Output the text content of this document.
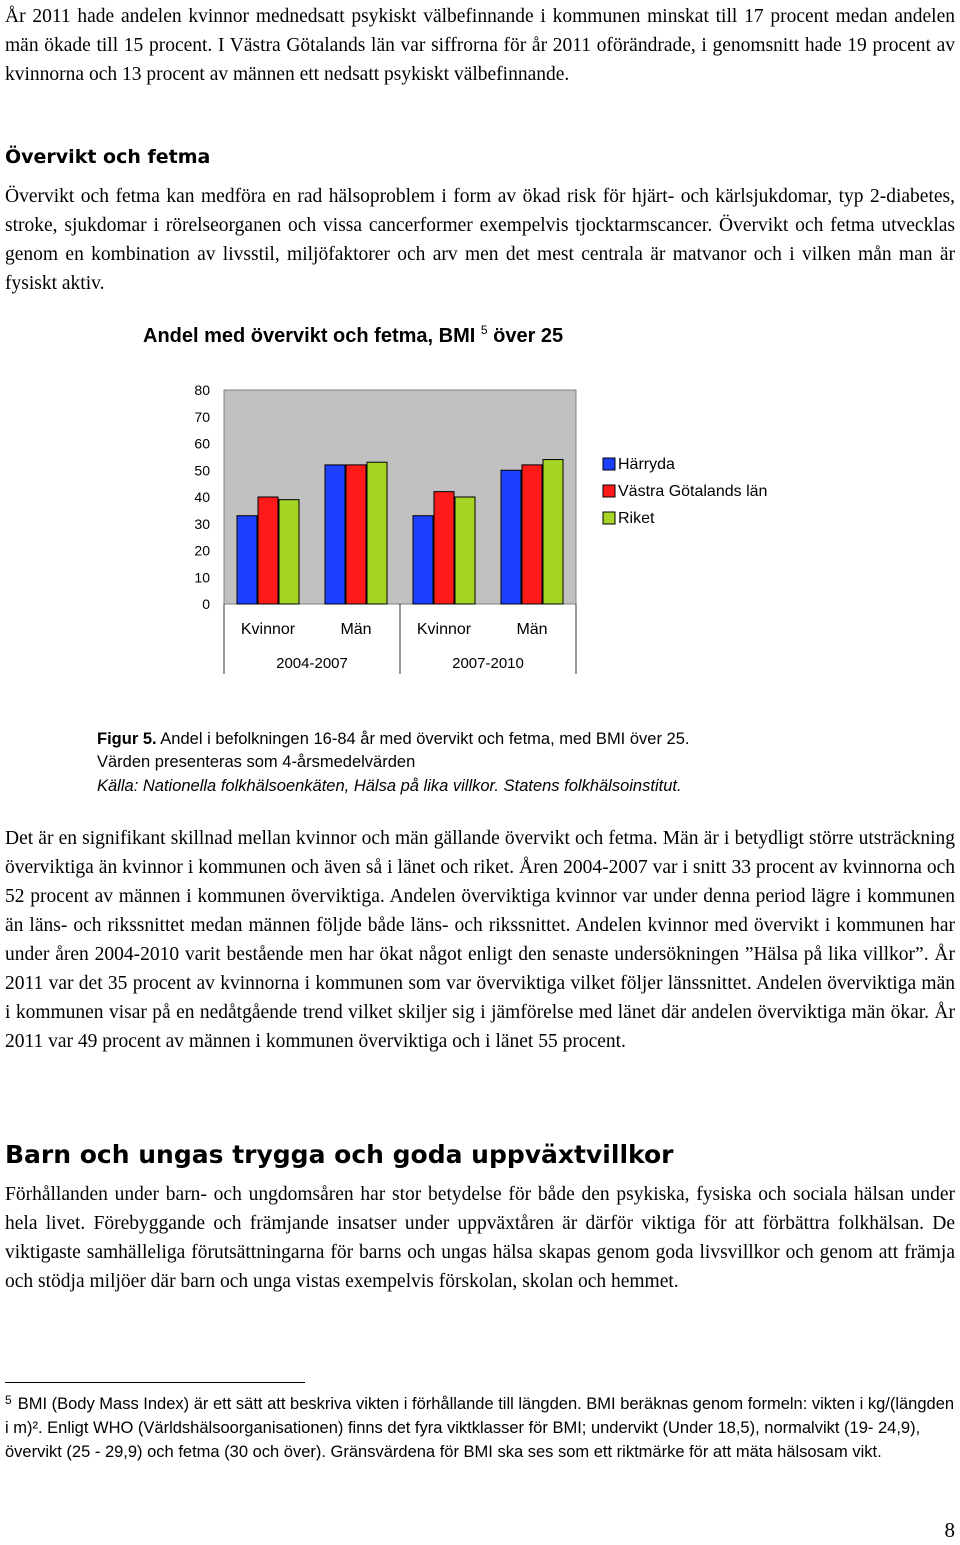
År 2011 hade andelen kvinnor mednedsatt psykiskt välbefinnande i kommunen minskat till 17 procent medan andelen män ökade till 15 procent. I Västra Götalands län var siffrorna för år 2011 oförändrade, i genomsnitt hade 19 procent av kvinnorna och 13 procent av männen ett nedsatt psykiskt välbefinnande.

Övervikt och fetma

Övervikt och fetma kan medföra en rad hälsoproblem i form av ökad risk för hjärt- och kärlsjukdomar, typ 2-diabetes, stroke, sjukdomar i rörelseorganen och vissa cancerformer exempelvis tjocktarmscancer. Övervikt och fetma utvecklas genom en kombination av livsstil, miljöfaktorer och arv men det mest centrala är matvanor och i vilken mån man är fysiskt aktiv.

Andel med övervikt och fetma, BMI $^5$ över 25

0
10
20
30
40
50
60
70
80
Kvinnor	Män	Kvinnor	Män
2004-2007	2007-2010
Härryda
Västra Götalands län
Riket

Figur 5. Andel i befolkningen 16-84 år med övervikt och fetma, med BMI över 25.

Värden presenteras som 4-årsmedelvärden

Källa: Nationella folkhälsoenkäten, Hälsa på lika villkor. Statens folkhälsoinstitut.

Det är en signifikant skillnad mellan kvinnor och män gällande övervikt och fetma. Män är i betydligt större utsträckning överviktiga än kvinnor i kommunen och även så i länet och riket. Åren 2004-2007 var i snitt 33 procent av kvinnorna och 52 procent av männen i kommunen överviktiga. Andelen överviktiga kvinnor var under denna period lägre i kommunen än läns- och rikssnittet medan männen följde både läns- och rikssnittet. Andelen kvinnor med övervikt i kommunen har under åren 2004-2010 varit bestående men har ökat något enligt den senaste undersökningen ”Hälsa på lika villkor”. År 2011 var det 35 procent av kvinnorna i kommunen som var överviktiga vilket följer länssnittet. Andelen överviktiga män i kommunen visar på en nedåtgående trend vilket skiljer sig i jämförelse med länet där andelen överviktiga män ökar. År 2011 var 49 procent av männen i kommunen överviktiga och i länet 55 procent.

Barn och ungas trygga och goda uppväxtvillkor

Förhållanden under barn- och ungdomsåren har stor betydelse för både den psykiska, fysiska och sociala hälsan under hela livet. Förebyggande och främjande insatser under uppväxtåren är därför viktiga för att förbättra folkhälsan. De viktigaste samhälleliga förutsättningarna för barns och ungas hälsa skapas genom goda livsvillkor och genom att främja och stödja miljöer där barn och unga vistas exempelvis förskolan, skolan och hemmet.

$^5$ BMI (Body Mass Index) är ett sätt att beskriva vikten i förhållande till längden. BMI beräknas genom formeln: vikten i kg/(längden i m)². Enligt WHO (Världshälsoorganisationen) finns det fyra viktklasser för BMI; undervikt (Under 18,5), normalvikt (19- 24,9), övervikt (25 - 29,9) och fetma (30 och över). Gränsvärdena för BMI ska ses som ett riktmärke för att mäta hälsosam vikt.

8
